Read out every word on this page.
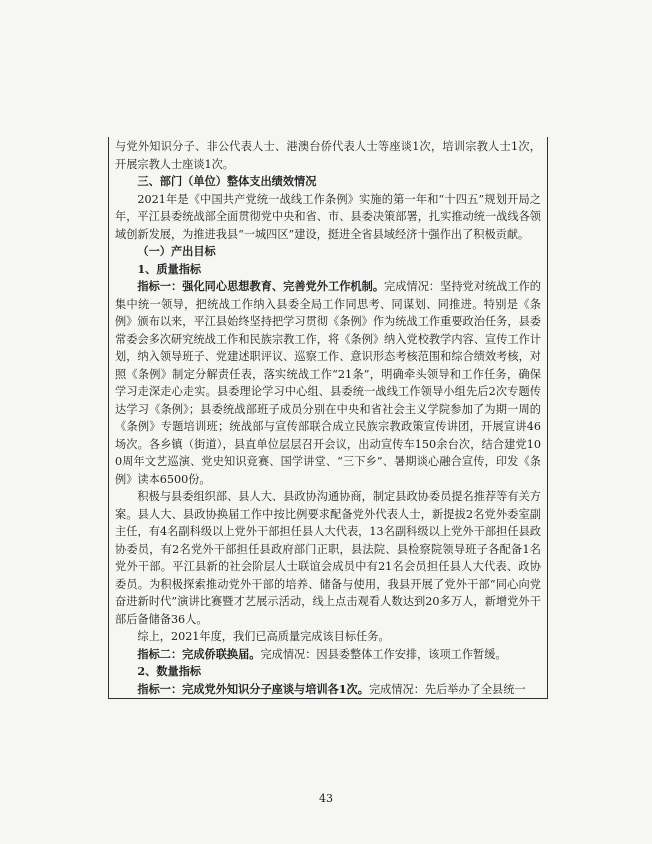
与党外知识分子、非公代表人士、港澳台侨代表人士等座谈1次，培训宗教人士1次，开展宗教人士座谈1次。

三、部门（单位）整体支出绩效情况

2021年是《中国共产党统一战线工作条例》实施的第一年和“十四五”规划开局之年，平江县委统战部全面贯彻党中央和省、市、县委决策部署，扎实推动统一战线各领域创新发展，为推进我县“一城四区”建设，挺进全省县域经济十强作出了积极贡献。

（一）产出目标

1、质量指标

指标一：强化同心思想教育、完善党外工作机制。完成情况：坚持党对统战工作的集中统一领导，把统战工作纳入县委全局工作同思考、同谋划、同推进。特别是《条例》颁布以来，平江县始终坚持把学习贯彻《条例》作为统战工作重要政治任务，县委常委会多次研究统战工作和民族宗教工作，将《条例》纳入党校教学内容、宣传工作计划，纳入领导班子、党建述职评议、巡察工作、意识形态考核范围和综合绩效考核，对照《条例》制定分解责任表，落实统战工作“21条”，明确牵头领导和工作任务，确保学习走深走心走实。县委理论学习中心组、县委统一战线工作领导小组先后2次专题传达学习《条例》；县委统战部班子成员分别在中央和省社会主义学院参加了为期一周的《条例》专题培训班；统战部与宣传部联合成立民族宗教政策宣传讲团，开展宣讲46场次。各乡镇（街道），县直单位层层召开会议，出动宣传车150余台次，结合建党100周年文艺巡演、党史知识竞赛、国学讲堂、“三下乡”、暑期谈心融合宣传，印发《条例》读本6500份。

积极与县委组织部、县人大、县政协沟通协商，制定县政协委员提名推荐等有关方案。县人大、县政协换届工作中按比例要求配备党外代表人士，新提拔2名党外委室副主任，有4名副科级以上党外干部担任县人大代表，13名副科级以上党外干部担任县政协委员，有2名党外干部担任县政府部门正职，县法院、县检察院领导班子各配备1名党外干部。平江县新的社会阶层人士联谊会成员中有21名会员担任县人大代表、政协委员。为积极探索推动党外干部的培养、储备与使用，我县开展了党外干部“同心向党 奋进新时代”演讲比赛暨才艺展示活动，线上点击观看人数达到20多万人，新增党外干部后备储备36人。

综上，2021年度，我们已高质量完成该目标任务。

指标二：完成侨联换届。完成情况：因县委整体工作安排，该项工作暂缓。

2、数量指标

指标一：完成党外知识分子座谈与培训各1次。完成情况：先后举办了全县统一

43
